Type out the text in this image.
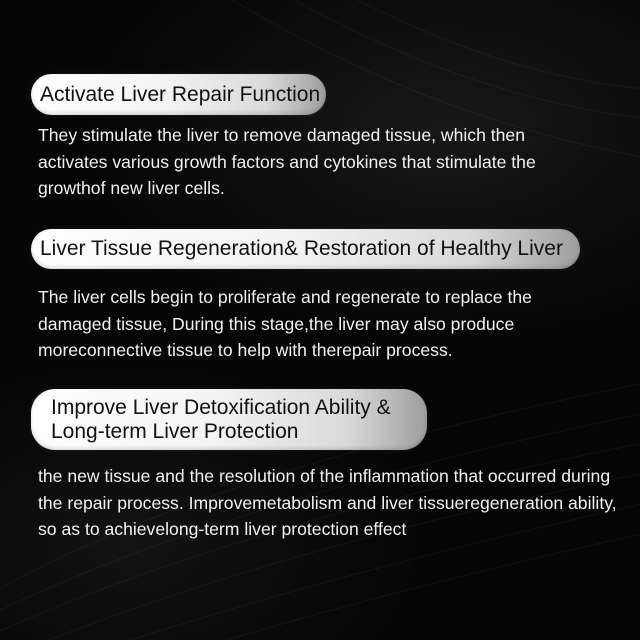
Activate Liver Repair Function

They stimulate the liver to remove damaged tissue, which then activates various growth factors and cytokines that stimulate the growthof new liver cells.

Liver Tissue Regeneration& Restoration of Healthy Liver

The liver cells begin to proliferate and regenerate to replace the damaged tissue, During this stage,the liver may also produce moreconnective tissue to help with therepair process.

Improve Liver Detoxification Ability &
Long-term Liver Protection

the new tissue and the resolution of the inflammation that occurred during the repair process. Improvemetabolism and liver tissueregeneration ability, so as to achievelong-term liver protection effect
